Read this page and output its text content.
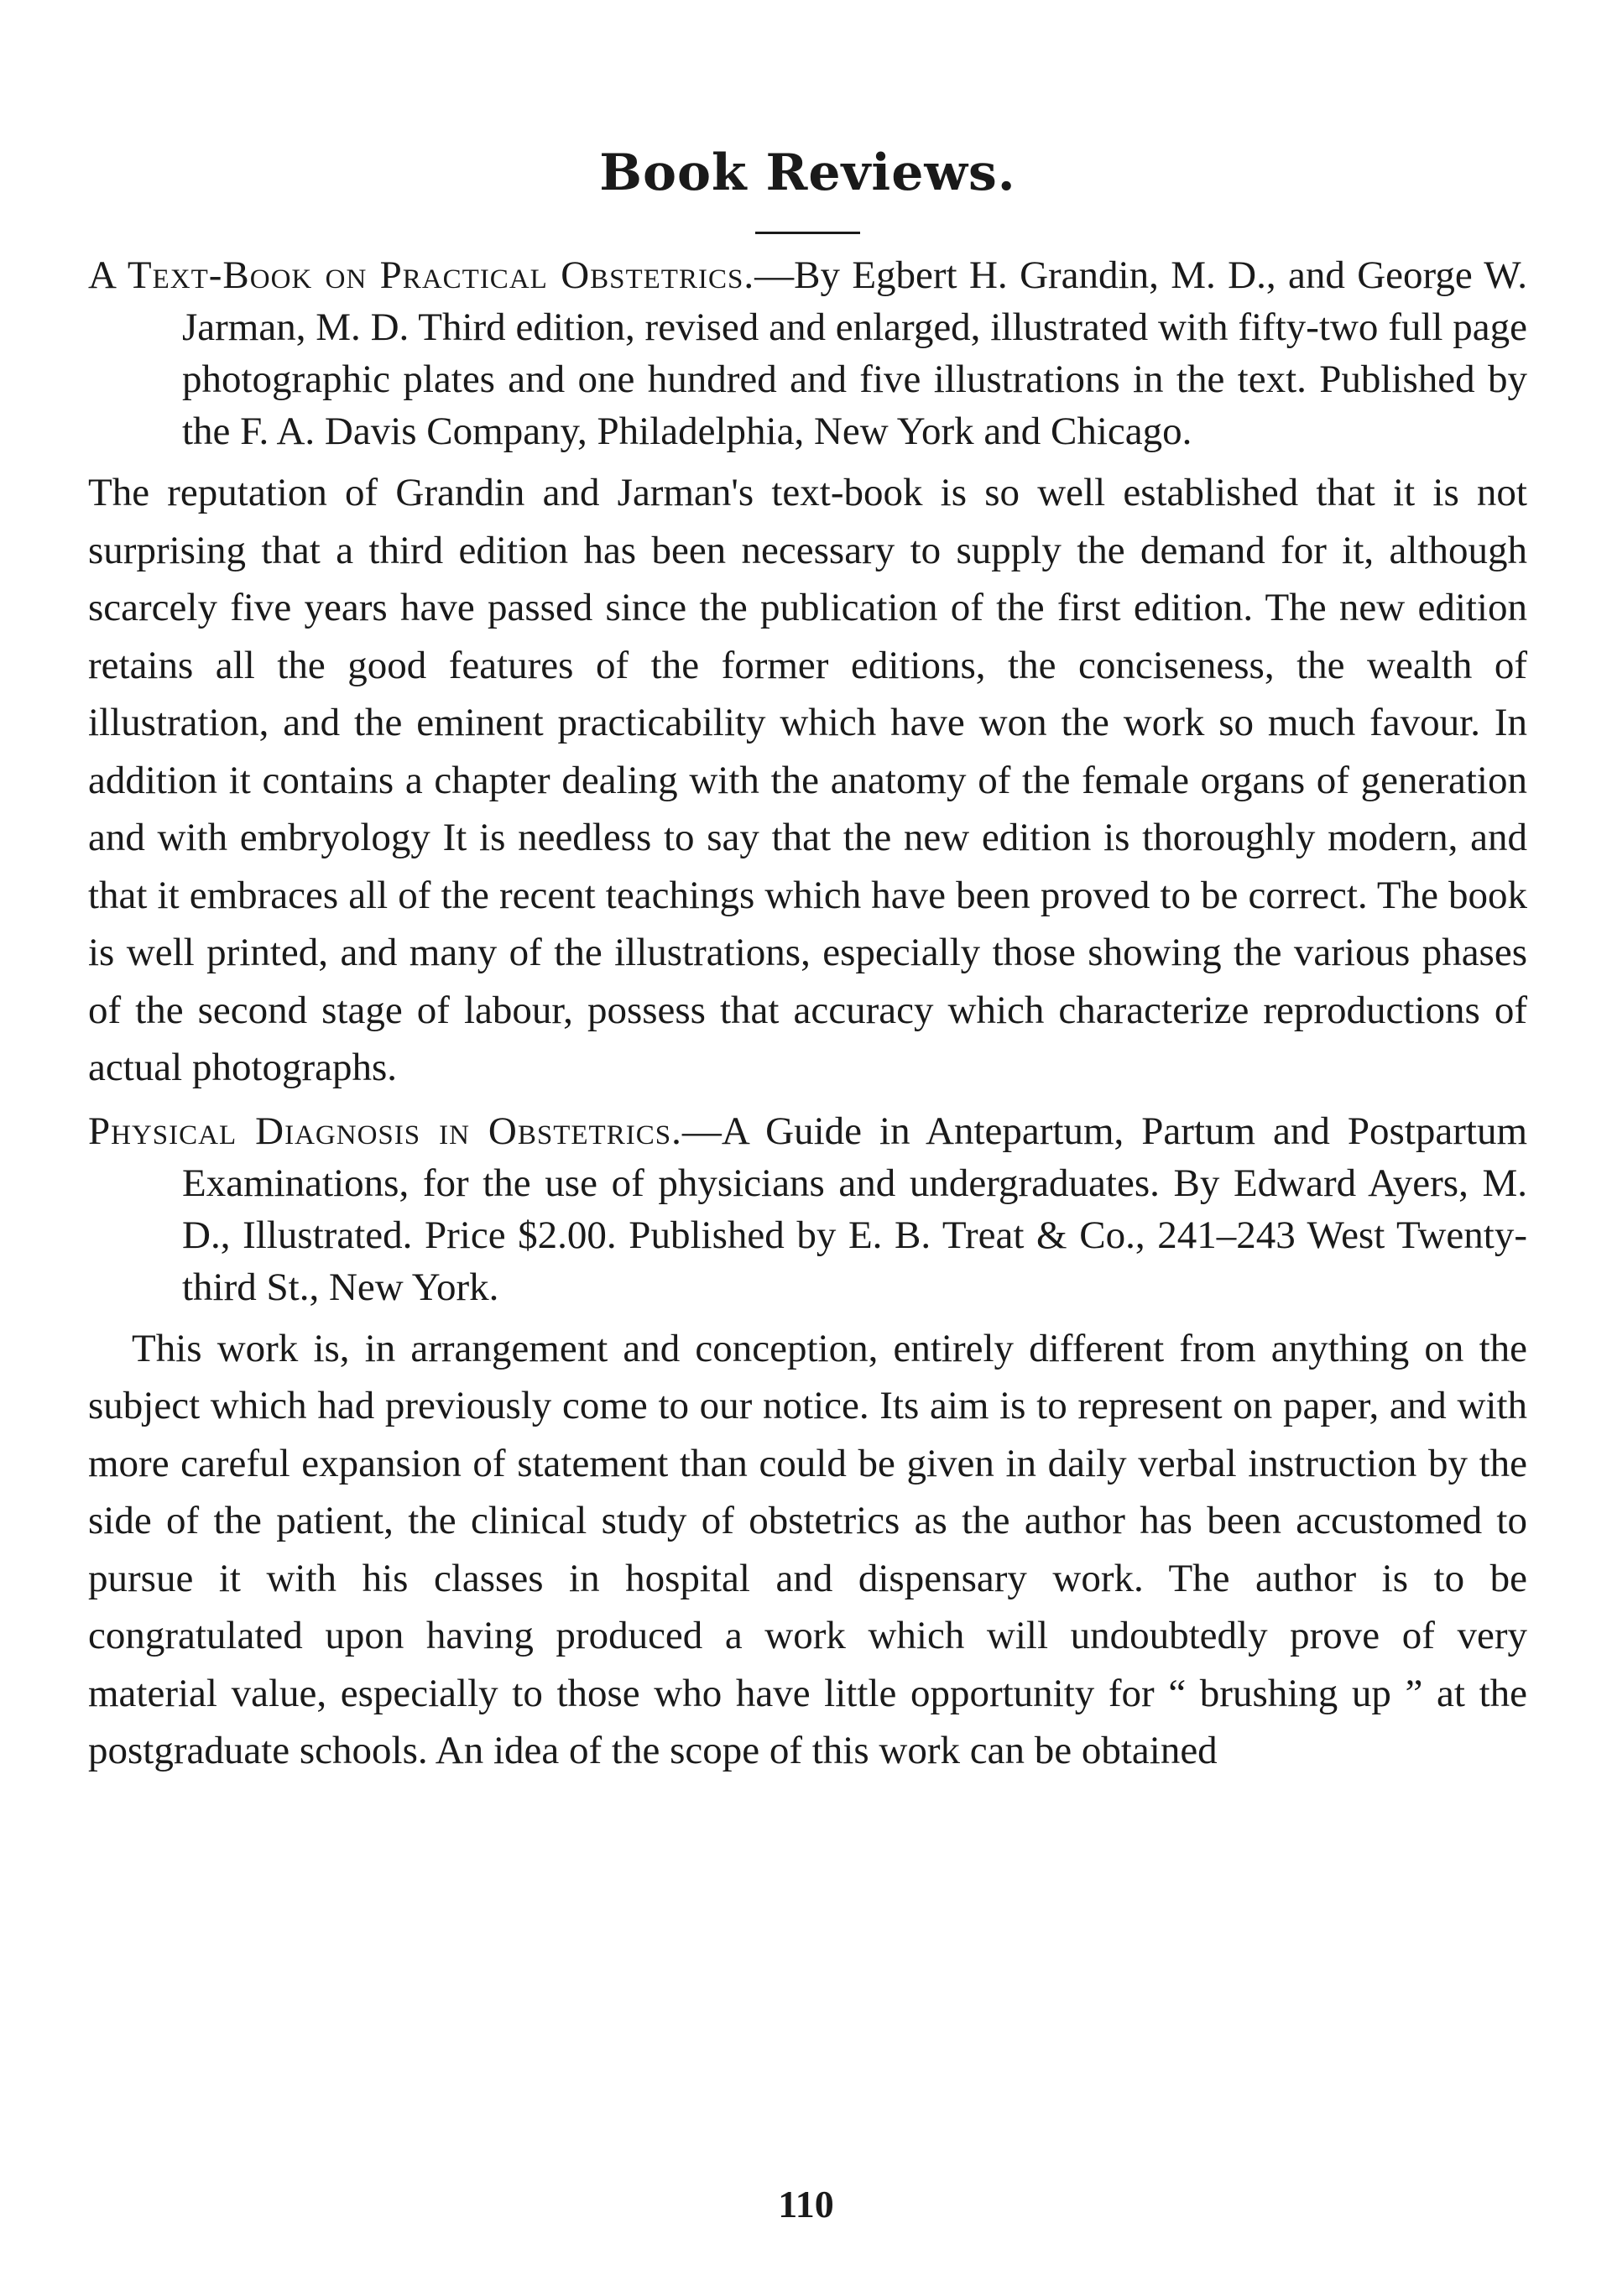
Book Reviews.

A Text-Book on Practical Obstetrics.—By Egbert H. Grandin, M. D., and George W. Jarman, M. D. Third edition, revised and enlarged, illustrated with fifty-two full page photographic plates and one hundred and five illustrations in the text. Published by the F. A. Davis Company, Philadelphia, New York and Chicago.

The reputation of Grandin and Jarman's text-book is so well established that it is not surprising that a third edition has been necessary to supply the demand for it, although scarcely five years have passed since the publication of the first edition. The new edition retains all the good features of the former editions, the conciseness, the wealth of illustration, and the eminent practicability which have won the work so much favour. In addition it contains a chapter dealing with the anatomy of the female organs of generation and with embryology It is needless to say that the new edition is thoroughly modern, and that it embraces all of the recent teachings which have been proved to be correct. The book is well printed, and many of the illustrations, especially those showing the various phases of the second stage of labour, possess that accuracy which characterize reproductions of actual photographs.

Physical Diagnosis in Obstetrics.—A Guide in Antepartum, Partum and Postpartum Examinations, for the use of physicians and undergraduates. By Edward Ayers, M. D., Illustrated. Price $2.00. Published by E. B. Treat & Co., 241–243 West Twenty-third St., New York.

This work is, in arrangement and conception, entirely different from anything on the subject which had previously come to our notice. Its aim is to represent on paper, and with more careful expansion of statement than could be given in daily verbal instruction by the side of the patient, the clinical study of obstetrics as the author has been accustomed to pursue it with his classes in hospital and dispensary work. The author is to be congratulated upon having produced a work which will undoubtedly prove of very material value, especially to those who have little opportunity for “ brushing up ” at the postgraduate schools. An idea of the scope of this work can be obtained

110
